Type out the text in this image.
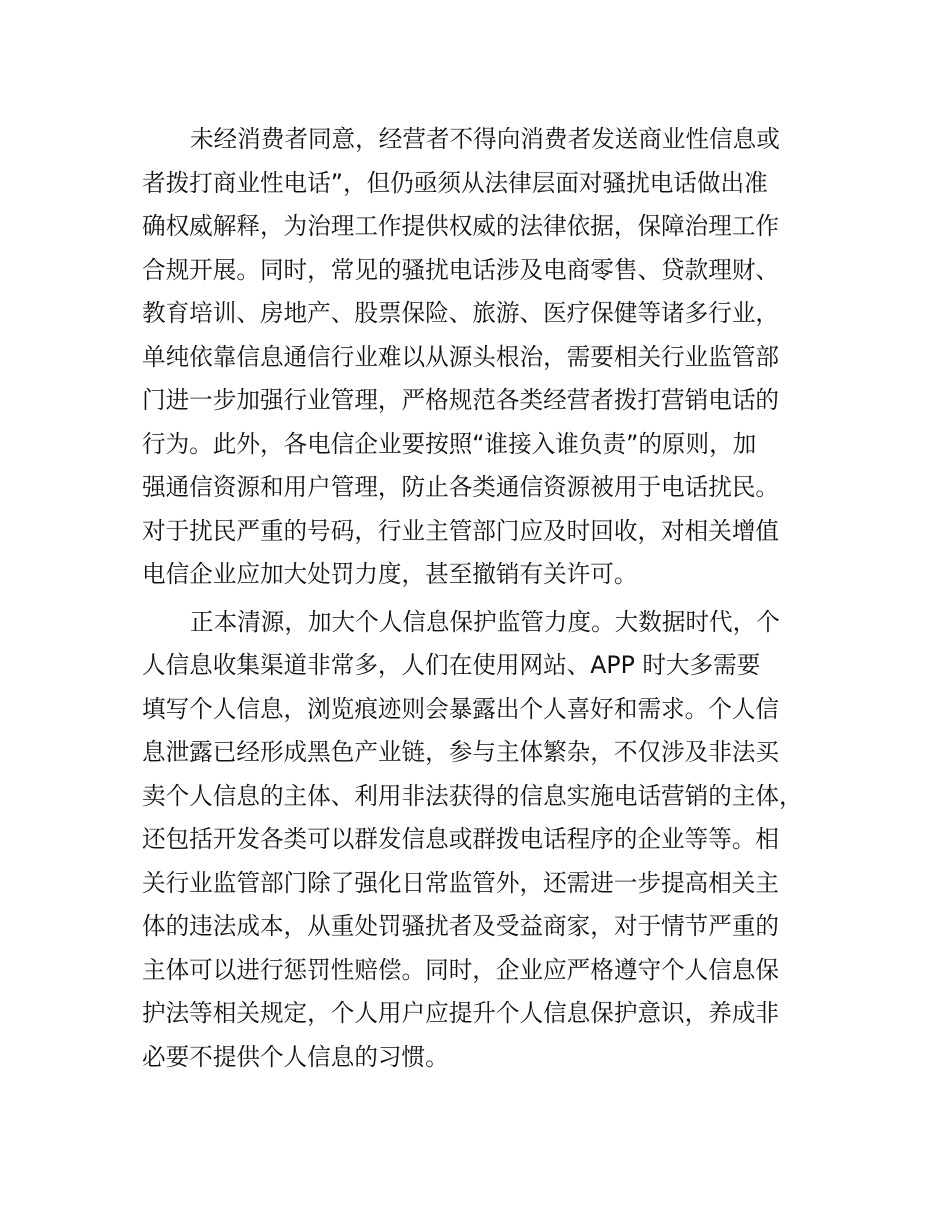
未经消费者同意，经营者不得向消费者发送商业性信息或
者拨打商业性电话”，但仍亟须从法律层面对骚扰电话做出准
确权威解释，为治理工作提供权威的法律依据，保障治理工作
合规开展。同时，常见的骚扰电话涉及电商零售、贷款理财、
教育培训、房地产、股票保险、旅游、医疗保健等诸多行业，
单纯依靠信息通信行业难以从源头根治，需要相关行业监管部
门进一步加强行业管理，严格规范各类经营者拨打营销电话的
行为。此外，各电信企业要按照“谁接入谁负责”的原则，加
强通信资源和用户管理，防止各类通信资源被用于电话扰民。
对于扰民严重的号码，行业主管部门应及时回收，对相关增值
电信企业应加大处罚力度，甚至撤销有关许可。
正本清源，加大个人信息保护监管力度。大数据时代，个
人信息收集渠道非常多，人们在使用网站、APP 时大多需要
填写个人信息，浏览痕迹则会暴露出个人喜好和需求。个人信
息泄露已经形成黑色产业链，参与主体繁杂，不仅涉及非法买
卖个人信息的主体、利用非法获得的信息实施电话营销的主体，
还包括开发各类可以群发信息或群拨电话程序的企业等等。相
关行业监管部门除了强化日常监管外，还需进一步提高相关主
体的违法成本，从重处罚骚扰者及受益商家，对于情节严重的
主体可以进行惩罚性赔偿。同时，企业应严格遵守个人信息保
护法等相关规定，个人用户应提升个人信息保护意识，养成非
必要不提供个人信息的习惯。
